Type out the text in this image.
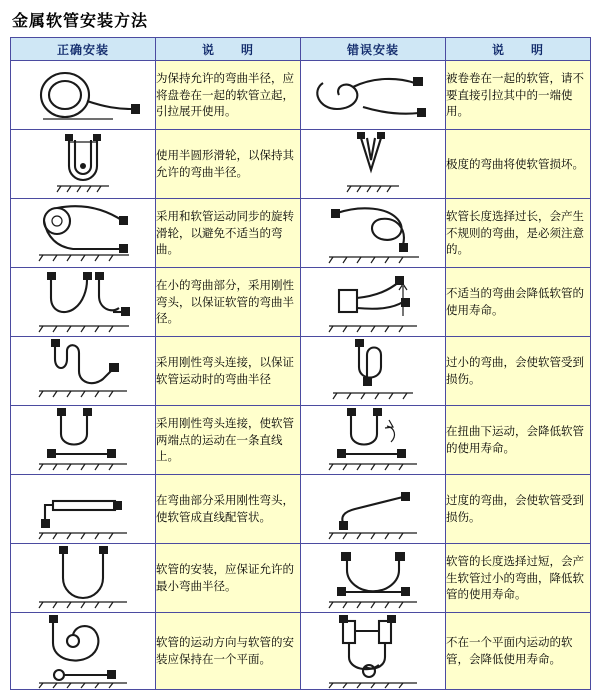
金属软管安装方法
正确安装	说　　明	错误安装	说　　明

	为保持允许的弯曲半径，应将盘卷在一起的软管立起，引拉展开使用。		被卷卷在一起的软管，请不要直接引拉其中的一端使用。

	使用半圆形滑轮，以保持其允许的弯曲半径。		极度的弯曲将使软管损坏。

	采用和软管运动同步的旋转滑轮，以避免不适当的弯曲。		软管长度选择过长，会产生不规则的弯曲，是必须注意的。

	在小的弯曲部分，采用刚性弯头，以保证软管的弯曲半径。		不适当的弯曲会降低软管的使用寿命。

	采用刚性弯头连接，以保证软管运动时的弯曲半径		过小的弯曲，会使软管受到损伤。

	采用刚性弯头连接，使软管两端点的运动在一条直线上。		在扭曲下运动，会降低软管的使用寿命。

	在弯曲部分采用刚性弯头，使软管成直线配管状。		过度的弯曲，会使软管受到损伤。

	软管的安装，应保证允许的最小弯曲半径。		软管的长度选择过短，会产生软管过小的弯曲，降低软管的使用寿命。

	软管的运动方向与软管的安装应保持在一个平面。		不在一个平面内运动的软管，会降低使用寿命。
